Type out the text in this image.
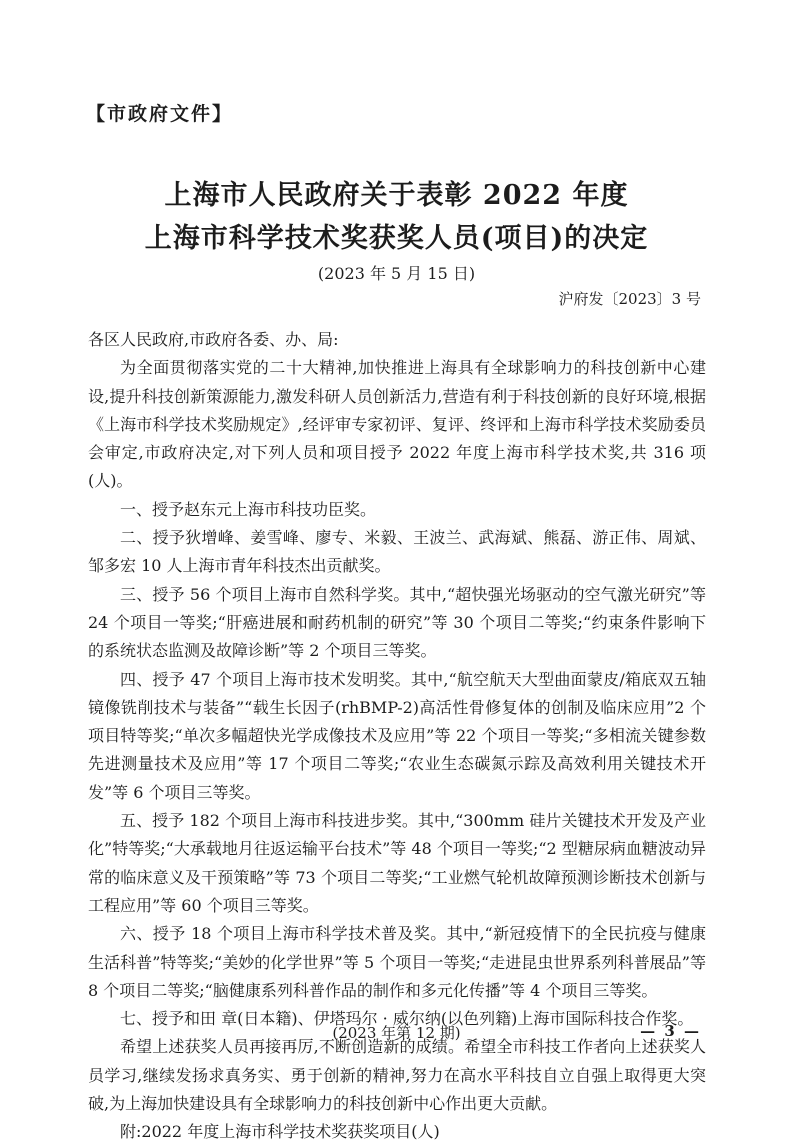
【市政府文件】
上海市人民政府关于表彰 2022 年度
上海市科学技术奖获奖人员(项目)的决定
(2023 年 5 月 15 日)
沪府发〔2023〕3 号

各区人民政府,市政府各委、办、局:

为全面贯彻落实党的二十大精神,加快推进上海具有全球影响力的科技创新中心建设,提升科技创新策源能力,激发科研人员创新活力,营造有利于科技创新的良好环境,根据《上海市科学技术奖励规定》,经评审专家初评、复评、终评和上海市科学技术奖励委员会审定,市政府决定,对下列人员和项目授予 2022 年度上海市科学技术奖,共 316 项(人)。

一、授予赵东元上海市科技功臣奖。

二、授予狄增峰、姜雪峰、廖专、米毅、王波兰、武海斌、熊磊、游正伟、周斌、邹多宏 10 人上海市青年科技杰出贡献奖。

三、授予 56 个项目上海市自然科学奖。其中,“超快强光场驱动的空气激光研究”等 24 个项目一等奖;“肝癌进展和耐药机制的研究”等 30 个项目二等奖;“约束条件影响下的系统状态监测及故障诊断”等 2 个项目三等奖。

四、授予 47 个项目上海市技术发明奖。其中,“航空航天大型曲面蒙皮/箱底双五轴镜像铣削技术与装备”“载生长因子(rhBMP-2)高活性骨修复体的创制及临床应用”2 个项目特等奖;“单次多幅超快光学成像技术及应用”等 22 个项目一等奖;“多相流关键参数先进测量技术及应用”等 17 个项目二等奖;“农业生态碳氮示踪及高效利用关键技术开发”等 6 个项目三等奖。

五、授予 182 个项目上海市科技进步奖。其中,“300mm 硅片关键技术开发及产业化”特等奖;“大承载地月往返运输平台技术”等 48 个项目一等奖;“2 型糖尿病血糖波动异常的临床意义及干预策略”等 73 个项目二等奖;“工业燃气轮机故障预测诊断技术创新与工程应用”等 60 个项目三等奖。

六、授予 18 个项目上海市科学技术普及奖。其中,“新冠疫情下的全民抗疫与健康生活科普”特等奖;“美妙的化学世界”等 5 个项目一等奖;“走进昆虫世界系列科普展品”等 8 个项目二等奖;“脑健康系列科普作品的制作和多元化传播”等 4 个项目三等奖。

七、授予和田 章(日本籍)、伊塔玛尔 · 威尔纳(以色列籍)上海市国际科技合作奖。

希望上述获奖人员再接再厉,不断创造新的成绩。希望全市科技工作者向上述获奖人员学习,继续发扬求真务实、勇于创新的精神,努力在高水平科技自立自强上取得更大突破,为上海加快建设具有全球影响力的科技创新中心作出更大贡献。

附:2022 年度上海市科学技术奖获奖项目(人)

(2023 年第 12 期)	— 3 —
